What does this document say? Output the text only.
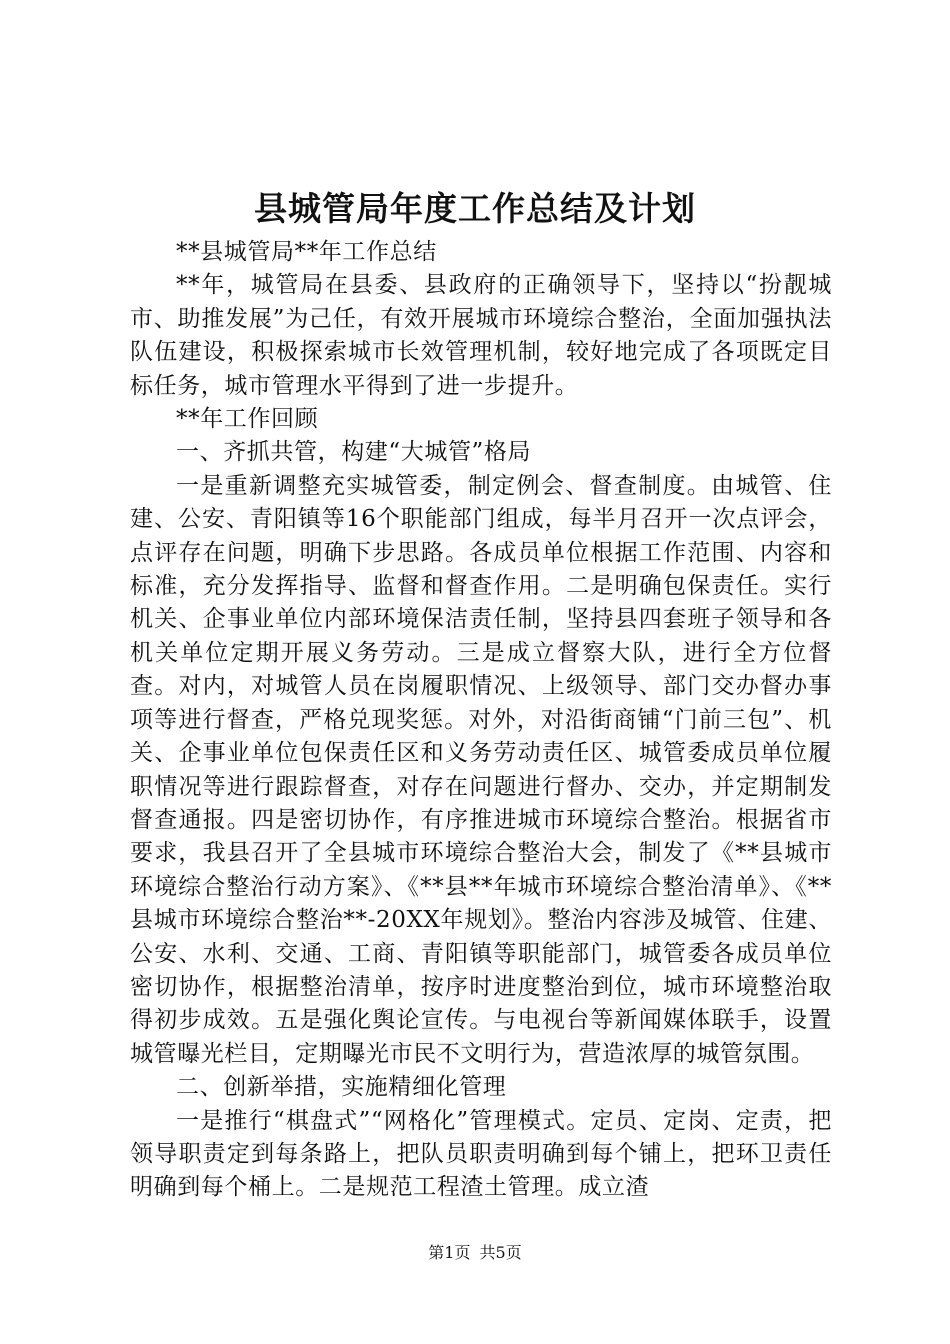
县城管局年度工作总结及计划

**县城管局**年工作总结

**年，城管局在县委、县政府的正确领导下，坚持以“扮靓城市、助推发展”为己任，有效开展城市环境综合整治，全面加强执法队伍建设，积极探索城市长效管理机制，较好地完成了各项既定目标任务，城市管理水平得到了进一步提升。

**年工作回顾

一、齐抓共管，构建“大城管”格局

一是重新调整充实城管委，制定例会、督查制度。由城管、住建、公安、青阳镇等16个职能部门组成，每半月召开一次点评会，点评存在问题，明确下步思路。各成员单位根据工作范围、内容和标准，充分发挥指导、监督和督查作用。二是明确包保责任。实行机关、企事业单位内部环境保洁责任制，坚持县四套班子领导和各机关单位定期开展义务劳动。三是成立督察大队，进行全方位督查。对内，对城管人员在岗履职情况、上级领导、部门交办督办事项等进行督查，严格兑现奖惩。对外，对沿街商铺“门前三包”、机关、企事业单位包保责任区和义务劳动责任区、城管委成员单位履职情况等进行跟踪督查，对存在问题进行督办、交办，并定期制发督查通报。四是密切协作，有序推进城市环境综合整治。根据省市要求，我县召开了全县城市环境综合整治大会，制发了《**县城市环境综合整治行动方案》、《**县**年城市环境综合整治清单》、《**县城市环境综合整治**-20XX年规划》。整治内容涉及城管、住建、公安、水利、交通、工商、青阳镇等职能部门，城管委各成员单位密切协作，根据整治清单，按序时进度整治到位，城市环境整治取得初步成效。五是强化舆论宣传。与电视台等新闻媒体联手，设置城管曝光栏目，定期曝光市民不文明行为，营造浓厚的城管氛围。

二、创新举措，实施精细化管理

一是推行“棋盘式”“网格化”管理模式。定员、定岗、定责，把领导职责定到每条路上，把队员职责明确到每个铺上，把环卫责任明确到每个桶上。二是规范工程渣土管理。成立渣

第1页 共5页
